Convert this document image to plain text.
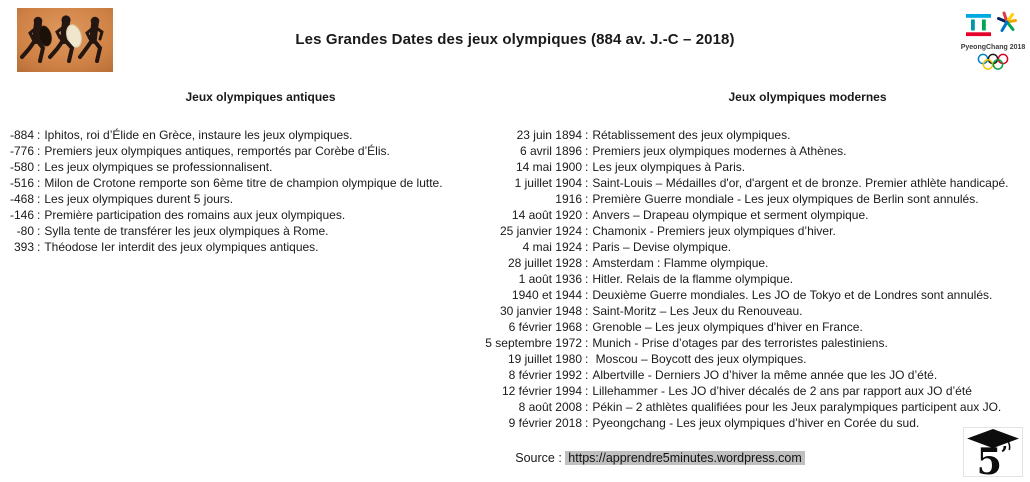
Les Grandes Dates des jeux olympiques (884 av. J.-C – 2018)	PyeongChang 2018
Jeux olympiques antiques
-884 : Iphitos, roi d’Élide en Grèce, instaure les jeux olympiques.
-776 : Premiers jeux olympiques antiques, remportés par Corèbe d’Élis.
-580 : Les jeux olympiques se professionnalisent.
-516 : Milon de Crotone remporte son 6ème titre de champion olympique de lutte.
-468 : Les jeux olympiques durent 5 jours.
-146 : Première participation des romains aux jeux olympiques.
-80 : Sylla tente de transférer les jeux olympiques à Rome.
393 : Théodose Ier interdit des jeux olympiques antiques.
Jeux olympiques modernes
23 juin 1894 : Rétablissement des jeux olympiques.
6 avril 1896 : Premiers jeux olympiques modernes à Athènes.
14 mai 1900 : Les jeux olympiques à Paris.
1 juillet 1904 : Saint-Louis – Médailles d'or, d'argent et de bronze. Premier athlète handicapé.
1916 : Première Guerre mondiale - Les jeux olympiques de Berlin sont annulés.
14 août 1920 : Anvers – Drapeau olympique et serment olympique.
25 janvier 1924 : Chamonix - Premiers jeux olympiques d’hiver.
4 mai 1924 : Paris – Devise olympique.
28 juillet 1928 : Amsterdam : Flamme olympique.
1 août 1936 : Hitler. Relais de la flamme olympique.
1940 et 1944 : Deuxième Guerre mondiales. Les JO de Tokyo et de Londres sont annulés.
30 janvier 1948 : Saint-Moritz – Les Jeux du Renouveau.
6 février 1968 : Grenoble – Les jeux olympiques d'hiver en France.
5 septembre 1972 : Munich - Prise d’otages par des terroristes palestiniens.
19 juillet 1980 : Moscou – Boycott des jeux olympiques.
8 février 1992 : Albertville - Derniers JO d’hiver la même année que les JO d’été.
12 février 1994 : Lillehammer - Les JO d’hiver décalés de 2 ans par rapport aux JO d’été
8 août 2008 : Pékin – 2 athlètes qualifiées pour les Jeux paralympiques participent aux JO.
9 février 2018 : Pyeongchang - Les jeux olympiques d’hiver en Corée du sud.
Source : https://apprendre5minutes.wordpress.com	5
’
